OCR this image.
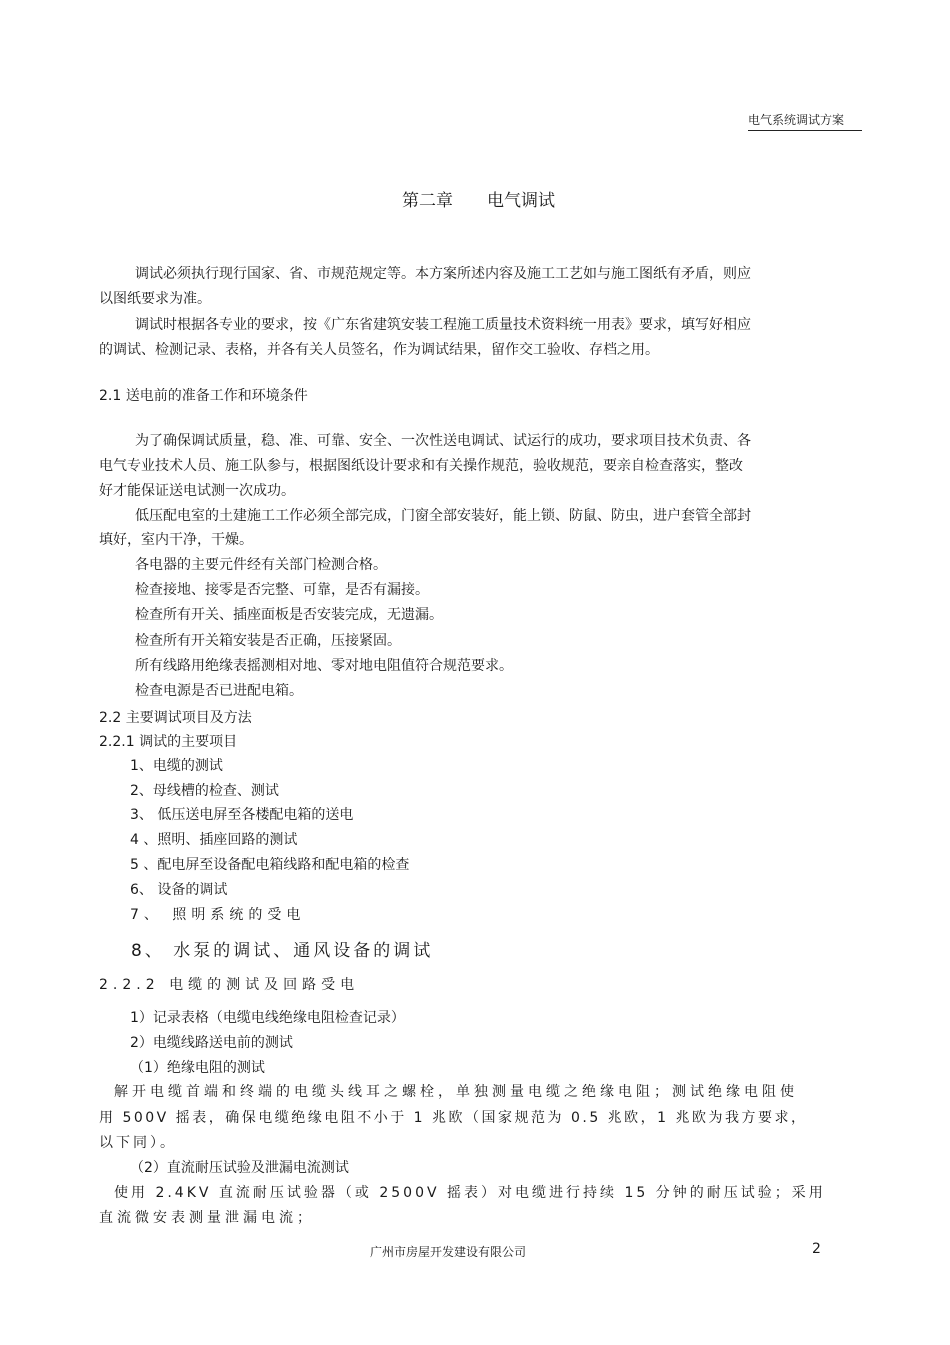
电气系统调试方案
第二章 电气调试
调试必须执行现行国家、省、市规范规定等。本方案所述内容及施工工艺如与施工图纸有矛盾，则应
以图纸要求为准。
调试时根据各专业的要求，按《广东省建筑安装工程施工质量技术资料统一用表》要求，填写好相应
的调试、检测记录、表格，并各有关人员签名，作为调试结果，留作交工验收、存档之用。
2.1 送电前的准备工作和环境条件
为了确保调试质量，稳、准、可靠、安全、一次性送电调试、试运行的成功，要求项目技术负责、各
电气专业技术人员、施工队参与，根据图纸设计要求和有关操作规范，验收规范，要亲自检查落实，整改
好才能保证送电试测一次成功。
低压配电室的土建施工工作必须全部完成，门窗全部安装好，能上锁、防鼠、防虫，进户套管全部封
填好，室内干净，干燥。
各电器的主要元件经有关部门检测合格。
检查接地、接零是否完整、可靠，是否有漏接。
检查所有开关、插座面板是否安装完成，无遗漏。
检查所有开关箱安装是否正确，压接紧固。
所有线路用绝缘表摇测相对地、零对地电阻值符合规范要求。
检查电源是否已进配电箱。
2.2 主要调试项目及方法
2.2.1 调试的主要项目
1、电缆的测试
2、母线槽的检查、测试
3、 低压送电屏至各楼配电箱的送电
4 、照明、插座回路的测试
5 、配电屏至设备配电箱线路和配电箱的检查
6、 设备的调试
7、 照明系统的受电
8、 水泵的调试、通风设备的调试
2.2.2 电缆的测试及回路受电
1）记录表格（电缆电线绝缘电阻检查记录）
2）电缆线路送电前的测试
（1）绝缘电阻的测试
解开电缆首端和终端的电缆头线耳之螺栓，单独测量电缆之绝缘电阻；测试绝缘电阻使
用 500V 摇表，确保电缆绝缘电阻不小于 1 兆欧（国家规范为 0.5 兆欧，1 兆欧为我方要求，
以下同）。
（2）直流耐压试验及泄漏电流测试
使用 2.4KV 直流耐压试验器（或 2500V 摇表）对电缆进行持续 15 分钟的耐压试验；采用
直流微安表测量泄漏电流；
广州市房屋开发建设有限公司	2
